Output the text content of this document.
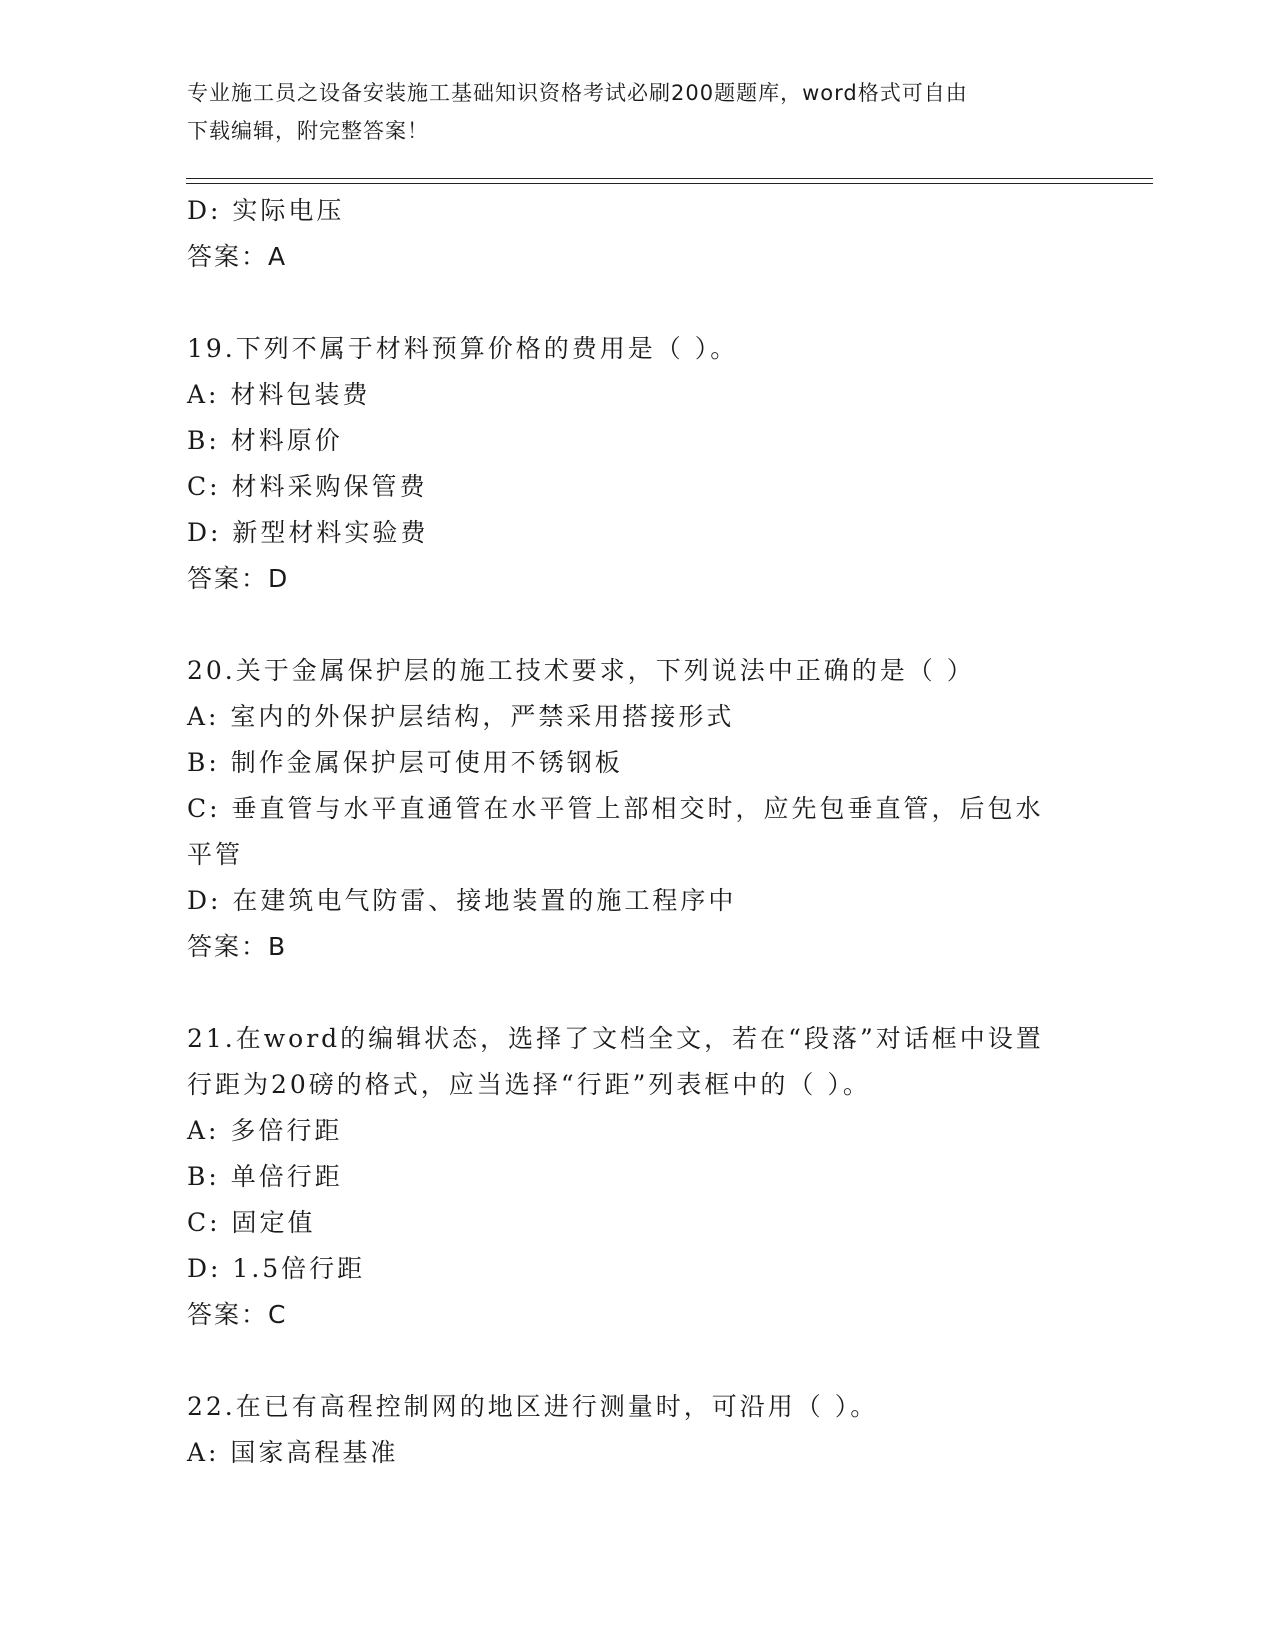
专业施工员之设备安装施工基础知识资格考试必刷200题题库，word格式可自由
下载编辑，附完整答案！
D: 实际电压
答案：A
19.下列不属于材料预算价格的费用是（ ）。
A: 材料包装费
B: 材料原价
C: 材料采购保管费
D: 新型材料实验费
答案：D
20.关于金属保护层的施工技术要求，下列说法中正确的是（ ）
A: 室内的外保护层结构，严禁采用搭接形式
B: 制作金属保护层可使用不锈钢板
C: 垂直管与水平直通管在水平管上部相交时，应先包垂直管，后包水平管
D: 在建筑电气防雷、接地装置的施工程序中
答案：B
21.在word的编辑状态，选择了文档全文，若在“段落”对话框中设置行距为20磅的格式，应当选择“行距”列表框中的（ ）。
A: 多倍行距
B: 单倍行距
C: 固定值
D: 1.5倍行距
答案：C
22.在已有高程控制网的地区进行测量时，可沿用（ ）。
A: 国家高程基准
